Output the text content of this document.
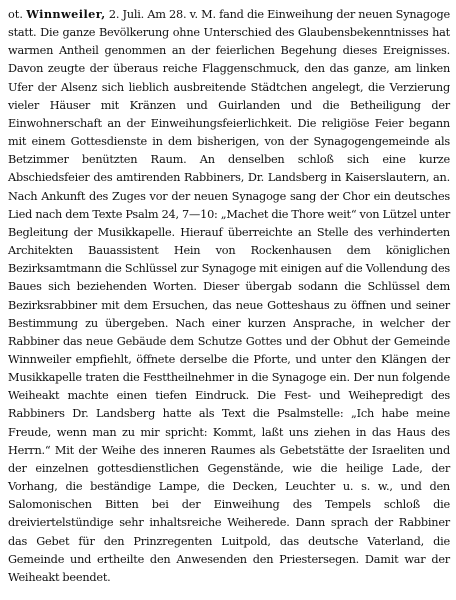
ot. Winnweiler, 2. Juli. Am 28. v. M. fand die Einweihung der neuen Synagoge statt. Die ganze Bevölkerung ohne Unterschied des Glaubensbekenntnisses hat warmen Antheil genommen an der feierlichen Begehung dieses Ereignisses. Davon zeugte der überaus reiche Flaggenschmuck, den das ganze, am linken Ufer der Alsenz sich lieblich ausbreitende Städtchen angelegt, die Verzierung vieler Häuser mit Kränzen und Guirlanden und die Betheiligung der Einwohnerschaft an der Einweihungsfeierlichkeit. Die religiöse Feier begann mit einem Gottesdienste in dem bisherigen, von der Synagogengemeinde als Betzimmer benützten Raum. An denselben schloß sich eine kurze Abschiedsfeier des amtirenden Rabbiners, Dr. Landsberg in Kaiserslautern, an. Nach Ankunft des Zuges vor der neuen Synagoge sang der Chor ein deutsches Lied nach dem Texte Psalm 24, 7—10: „Machet die Thore weit“ von Lützel unter Begleitung der Musikkapelle. Hierauf überreichte an Stelle des verhinderten Architekten Bauassistent Hein von Rockenhausen dem königlichen Bezirksamtmann die Schlüssel zur Synagoge mit einigen auf die Vollendung des Baues sich beziehenden Worten. Dieser übergab sodann die Schlüssel dem Bezirksrabbiner mit dem Ersuchen, das neue Gotteshaus zu öffnen und seiner Bestimmung zu übergeben. Nach einer kurzen Ansprache, in welcher der Rabbiner das neue Gebäude dem Schutze Gottes und der Obhut der Gemeinde Winnweiler empfiehlt, öffnete derselbe die Pforte, und unter den Klängen der Musikkapelle traten die Festtheilnehmer in die Synagoge ein. Der nun folgende Weiheakt machte einen tiefen Eindruck. Die Fest- und Weihepredigt des Rabbiners Dr. Landsberg hatte als Text die Psalmstelle: „Ich habe meine Freude, wenn man zu mir spricht: Kommt, laßt uns ziehen in das Haus des Herrn.“ Mit der Weihe des inneren Raumes als Gebetstätte der Israeliten und der einzelnen gottesdienstlichen Gegenstände, wie die heilige Lade, der Vorhang, die beständige Lampe, die Decken, Leuchter u. s. w., und den Salomonischen Bitten bei der Einweihung des Tempels schloß die dreiviertelstündige sehr inhaltsreiche Weiherede. Dann sprach der Rabbiner das Gebet für den Prinzregenten Luitpold, das deutsche Vaterland, die Gemeinde und ertheilte den Anwesenden den Priestersegen. Damit war der Weiheakt beendet.
